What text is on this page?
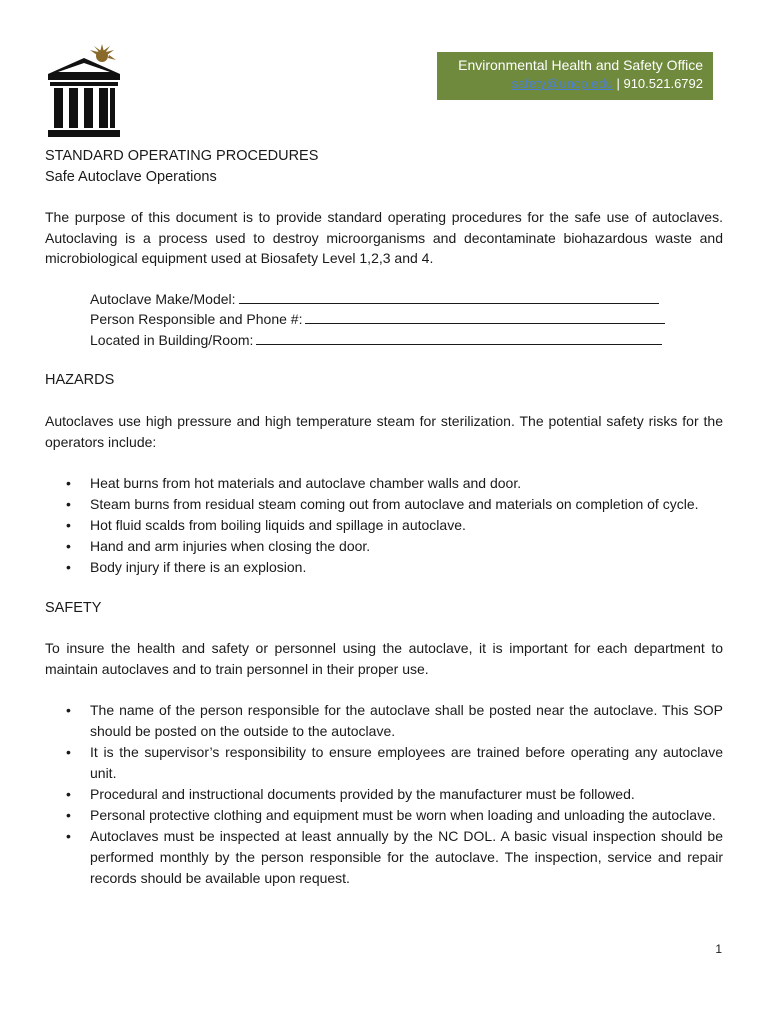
Environmental Health and Safety Office
safety@uncp.edu | 910.521.6792
STANDARD OPERATING PROCEDURES
Safe Autoclave Operations

The purpose of this document is to provide standard operating procedures for the safe use of autoclaves. Autoclaving is a process used to destroy microorganisms and decontaminate biohazardous waste and microbiological equipment used at Biosafety Level 1,2,3 and 4.

Autoclave Make/Model:
Person Responsible and Phone #:
Located in Building/Room:
HAZARDS

Autoclaves use high pressure and high temperature steam for sterilization. The potential safety risks for the operators include:

• Heat burns from hot materials and autoclave chamber walls and door.
• Steam burns from residual steam coming out from autoclave and materials on completion of cycle.
• Hot fluid scalds from boiling liquids and spillage in autoclave.
• Hand and arm injuries when closing the door.
• Body injury if there is an explosion.
SAFETY

To insure the health and safety or personnel using the autoclave, it is important for each department to maintain autoclaves and to train personnel in their proper use.

• The name of the person responsible for the autoclave shall be posted near the autoclave. This SOP should be posted on the outside to the autoclave.
• It is the supervisor’s responsibility to ensure employees are trained before operating any autoclave unit.
• Procedural and instructional documents provided by the manufacturer must be followed.
• Personal protective clothing and equipment must be worn when loading and unloading the autoclave.
• Autoclaves must be inspected at least annually by the NC DOL. A basic visual inspection should be performed monthly by the person responsible for the autoclave. The inspection, service and repair records should be available upon request.
1
